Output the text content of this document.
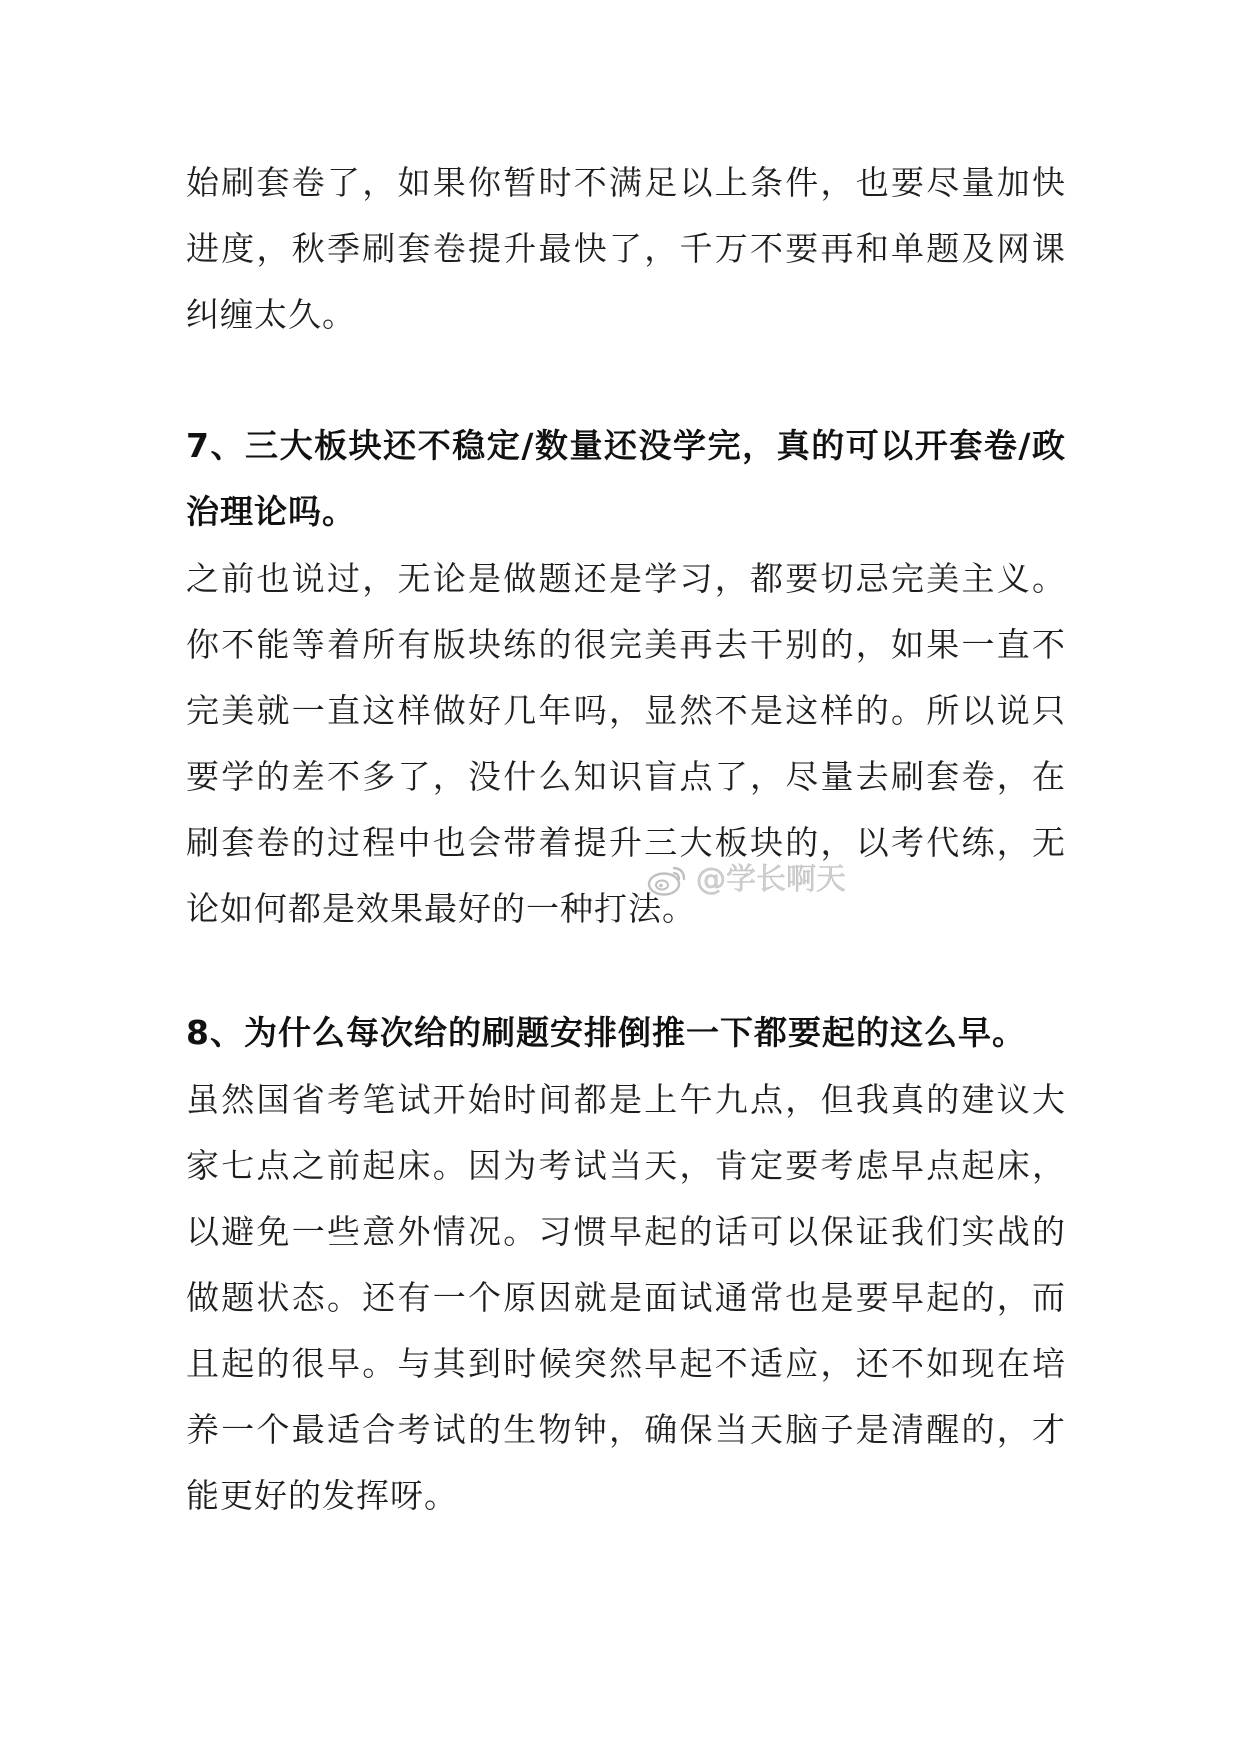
始刷套卷了，如果你暂时不满足以上条件，也要尽量加快进度，秋季刷套卷提升最快了，千万不要再和单题及网课纠缠太久。

7、三大板块还不稳定/数量还没学完，真的可以开套卷/政治理论吗。

之前也说过，无论是做题还是学习，都要切忌完美主义。你不能等着所有版块练的很完美再去干别的，如果一直不完美就一直这样做好几年吗，显然不是这样的。所以说只要学的差不多了，没什么知识盲点了，尽量去刷套卷，在刷套卷的过程中也会带着提升三大板块的，以考代练，无论如何都是效果最好的一种打法。

@学长啊天
8、为什么每次给的刷题安排倒推一下都要起的这么早。

虽然国省考笔试开始时间都是上午九点，但我真的建议大家七点之前起床。因为考试当天，肯定要考虑早点起床，以避免一些意外情况。习惯早起的话可以保证我们实战的做题状态。还有一个原因就是面试通常也是要早起的，而且起的很早。与其到时候突然早起不适应，还不如现在培养一个最适合考试的生物钟，确保当天脑子是清醒的，才能更好的发挥呀。
